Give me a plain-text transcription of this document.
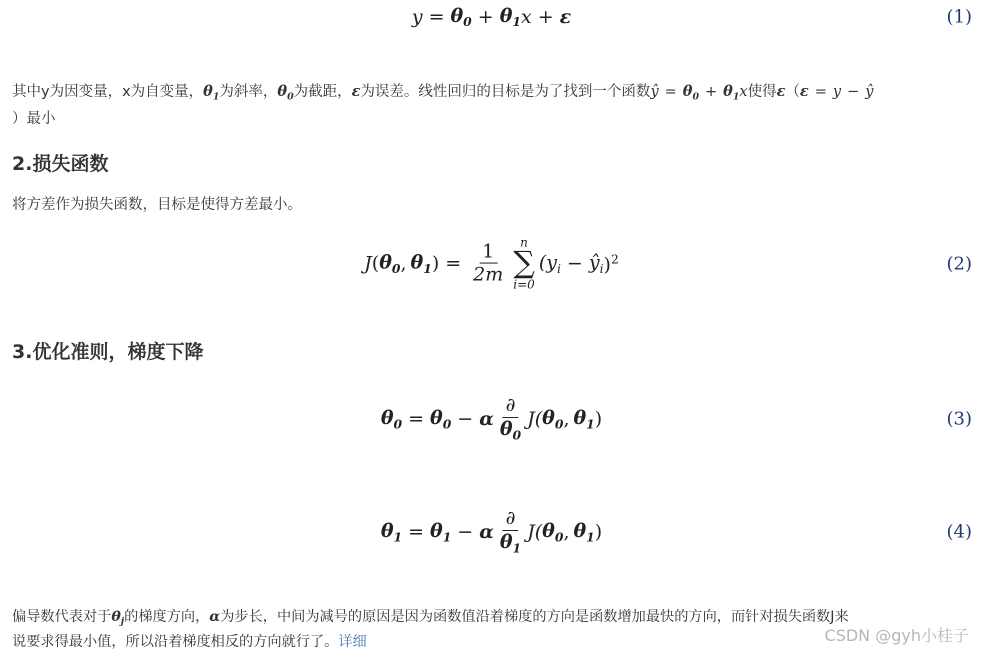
$y = \theta_0 + \theta_1$ x + ε	(1)
其中y为因变量，x为自变量，$\theta_1$为斜率，$\theta_0$为截距，ε为误差。线性回归的目标是为了找到一个函数ŷ = $\theta_0 + \theta_1x$使得ε（ε = y − ŷ
）最小
2.损失函数
将方差作为损失函数，目标是使得方差最小。
J ( $\theta_0$ , $\theta_1$ ) = $\frac{1}{2m}$ n
∑
i=0
($y_i$ − $ŷ_i$ )$^2$	(2)
3.优化准则，梯度下降
$\theta_0 = \theta_0 - \alpha \frac{\partial}{\theta_0} J$( $\theta_0$ , $\theta_1$ )	(3)
$\theta_1 = \theta_1 - \alpha \frac{\partial}{\theta_1} J$( $\theta_0$ , $\theta_1$ )	(4)
偏导数代表对于$\theta_j$的梯度方向，α为步长，中间为减号的原因是因为函数值沿着梯度的方向是函数增加最快的方向，而针对损失函数J来
说要求得最小值，所以沿着梯度相反的方向就行了。详细	CSDN @gyh小桂子
